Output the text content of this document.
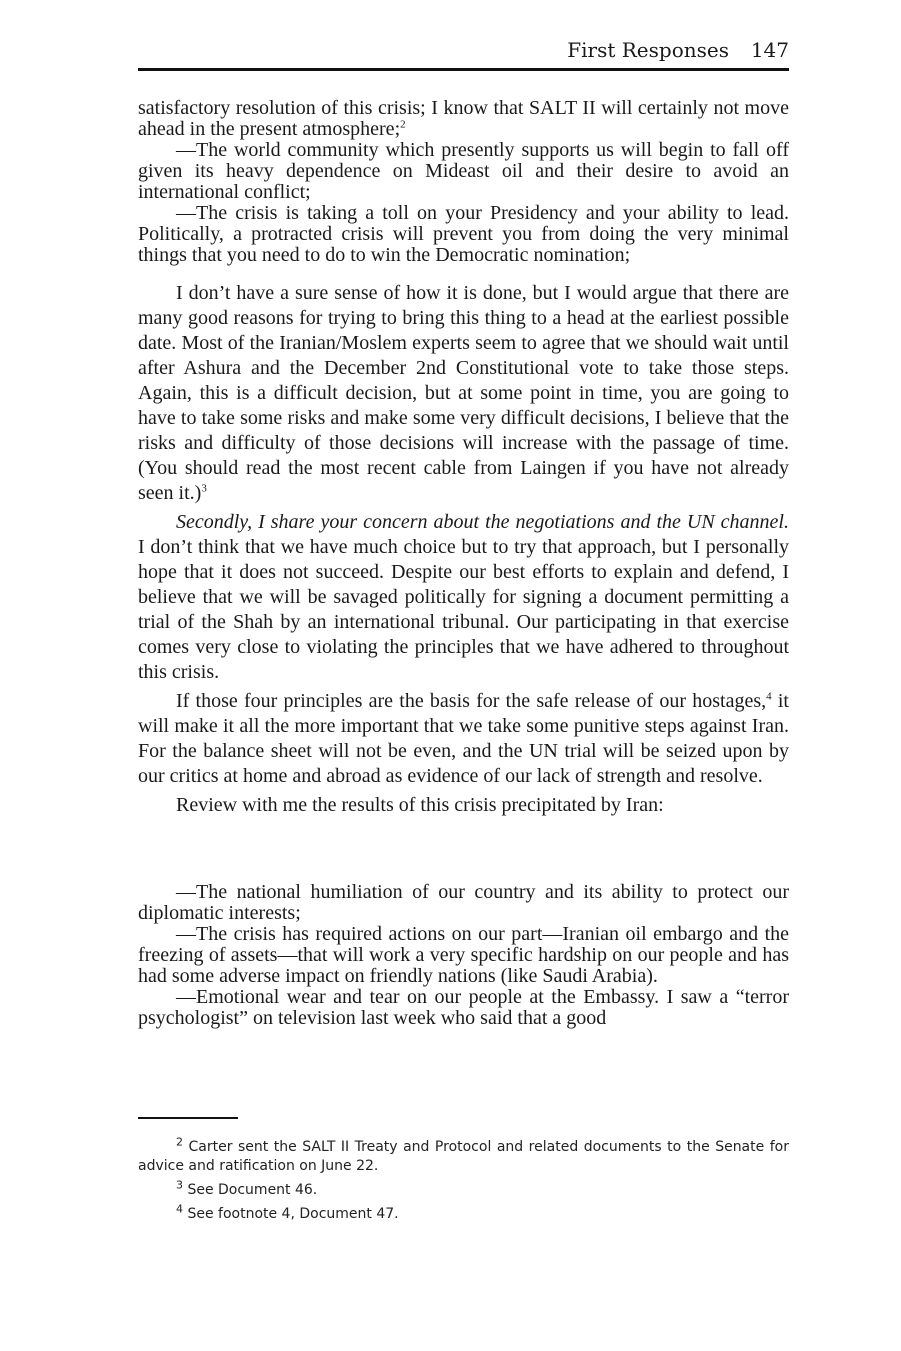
First Responses 147

satisfactory resolution of this crisis; I know that SALT II will certainly not move ahead in the present atmosphere;$^2$

—The world community which presently supports us will begin to fall off given its heavy dependence on Mideast oil and their desire to avoid an international conflict;

—The crisis is taking a toll on your Presidency and your ability to lead. Politically, a protracted crisis will prevent you from doing the very minimal things that you need to do to win the Democratic nomination;

I don’t have a sure sense of how it is done, but I would argue that there are many good reasons for trying to bring this thing to a head at the earliest possible date. Most of the Iranian/Moslem experts seem to agree that we should wait until after Ashura and the December 2nd Constitutional vote to take those steps. Again, this is a difficult decision, but at some point in time, you are going to have to take some risks and make some very difficult decisions, I believe that the risks and difficulty of those decisions will increase with the passage of time. (You should read the most recent cable from Laingen if you have not already seen it.)$^3$

Secondly, I share your concern about the negotiations and the UN channel. I don’t think that we have much choice but to try that approach, but I personally hope that it does not succeed. Despite our best efforts to explain and defend, I believe that we will be savaged politically for signing a document permitting a trial of the Shah by an international tribunal. Our participating in that exercise comes very close to violating the principles that we have adhered to throughout this crisis.

If those four principles are the basis for the safe release of our hostages,$^4$ it will make it all the more important that we take some punitive steps against Iran. For the balance sheet will not be even, and the UN trial will be seized upon by our critics at home and abroad as evidence of our lack of strength and resolve.

Review with me the results of this crisis precipitated by Iran:

—The national humiliation of our country and its ability to protect our diplomatic interests;

—The crisis has required actions on our part—Iranian oil embargo and the freezing of assets—that will work a very specific hardship on our people and has had some adverse impact on friendly nations (like Saudi Arabia).

—Emotional wear and tear on our people at the Embassy. I saw a “terror psychologist” on television last week who said that a good

$^2$ Carter sent the SALT II Treaty and Protocol and related documents to the Senate for advice and ratification on June 22.

$^3$ See Document 46.

$^4$ See footnote 4, Document 47.
